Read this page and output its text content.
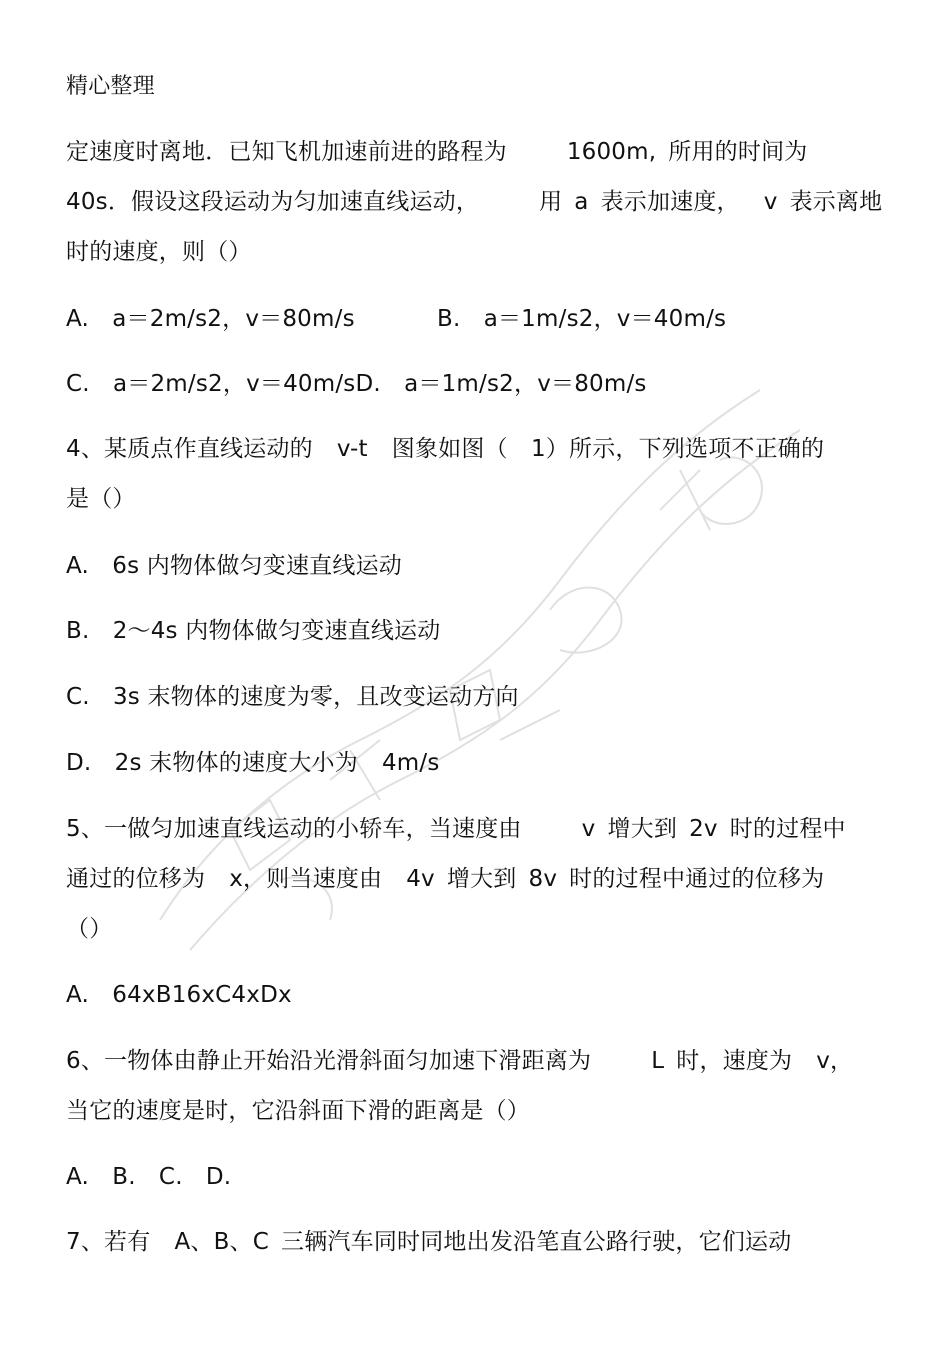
精心整理
定速度时离地．已知飞机加速前进的路程为	1600m, 所用的时间为
40s．假设这段运动为匀加速直线运动，	用 a 表示加速度， v 表示离地
时的速度，则（）
A.　a＝2m/s2，v＝80m/s	B.　a＝1m/s2，v＝40m/s
C.　a＝2m/s2，v＝40m/sD.　a＝1m/s2，v＝80m/s
4、某质点作直线运动的 v-t 图象如图（　1）所示，下列选项不正确的
是（）
A.　6s 内物体做匀变速直线运动
B.　2～4s 内物体做匀变速直线运动
C.　3s 末物体的速度为零，且改变运动方向
D.　2s 末物体的速度大小为 4m/s
5、一做匀加速直线运动的小轿车，当速度由	v 增大到 2v 时的过程中
通过的位移为 x，则当速度由 4v 增大到 8v 时的过程中通过的位移为
（）
A.　64xB16xC4xDx
6、一物体由静止开始沿光滑斜面匀加速下滑距离为	L 时，速度为 v，
当它的速度是时，它沿斜面下滑的距离是（）
A.　B.　C.　D.
7、若有 A、B、C 三辆汽车同时同地出发沿笔直公路行驶，它们运动
